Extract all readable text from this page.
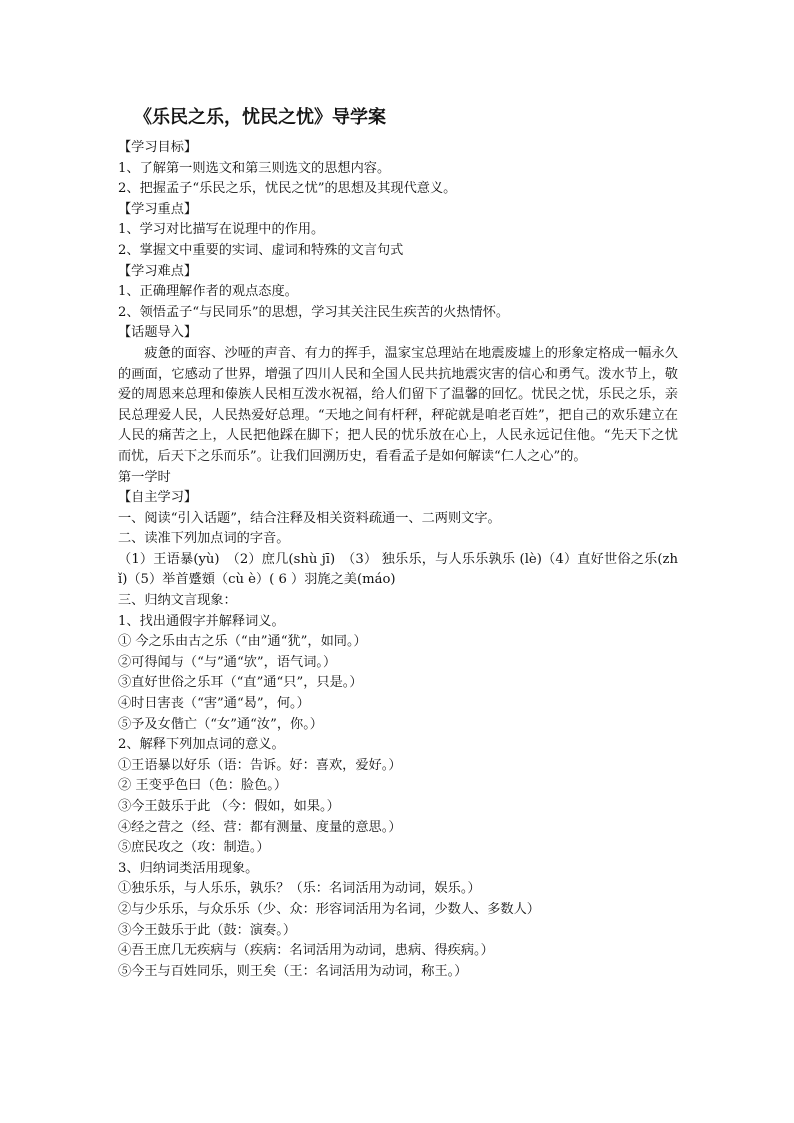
《乐民之乐，忧民之忧》导学案
【学习目标】
1、了解第一则选文和第三则选文的思想内容。
2、把握孟子“乐民之乐，忧民之忧”的思想及其现代意义。
【学习重点】
1、学习对比描写在说理中的作用。
2、掌握文中重要的实词、虚词和特殊的文言句式
【学习难点】
1、正确理解作者的观点态度。
2、领悟孟子“与民同乐”的思想，学习其关注民生疾苦的火热情怀。
【话题导入】
疲惫的面容、沙哑的声音、有力的挥手，温家宝总理站在地震废墟上的形象定格成一幅永久的画面，它感动了世界，增强了四川人民和全国人民共抗地震灾害的信心和勇气。泼水节上，敬爱的周恩来总理和傣族人民相互泼水祝福，给人们留下了温馨的回忆。忧民之忧，乐民之乐，亲民总理爱人民，人民热爱好总理。“天地之间有杆秤，秤砣就是咱老百姓”，把自己的欢乐建立在人民的痛苦之上，人民把他踩在脚下；把人民的忧乐放在心上，人民永远记住他。“先天下之忧而忧，后天下之乐而乐”。让我们回溯历史，看看孟子是如何解读“仁人之心”的。
第一学时
【自主学习】
一、阅读“引入话题”，结合注释及相关资料疏通一、二两则文字。
二、读准下列加点词的字音。
（1）王语暴(yù)　（2）庶几(shù jī)　（3） 独乐乐，与人乐乐孰乐 (lè)（4）直好世俗之乐(zhǐ)（5）举首蹙頞（cù è）( 6 ）羽旄之美(máo)
三、归纳文言现象：
1、找出通假字并解释词义。
① 今之乐由古之乐（“由”通“犹”，如同。）
②可得闻与（“与”通“欤”，语气词。）
③直好世俗之乐耳（“直”通“只”，只是。）
④时日害丧（“害”通“曷”，何。）
⑤予及女偕亡（“女”通“汝”，你。）
2、解释下列加点词的意义。
①王语暴以好乐（语：告诉。好：喜欢，爱好。）
② 王变乎色曰（色：脸色。）
③今王鼓乐于此 （今：假如，如果。）
④经之营之（经、营：都有测量、度量的意思。）
⑤庶民攻之（攻：制造。）
3、归纳词类活用现象。
①独乐乐，与人乐乐，孰乐？（乐：名词活用为动词，娱乐。）
②与少乐乐，与众乐乐（少、众：形容词活用为名词，少数人、多数人）
③今王鼓乐于此（鼓：演奏。）
④吾王庶几无疾病与（疾病：名词活用为动词，患病、得疾病。）
⑤今王与百姓同乐，则王矣（王：名词活用为动词，称王。）
